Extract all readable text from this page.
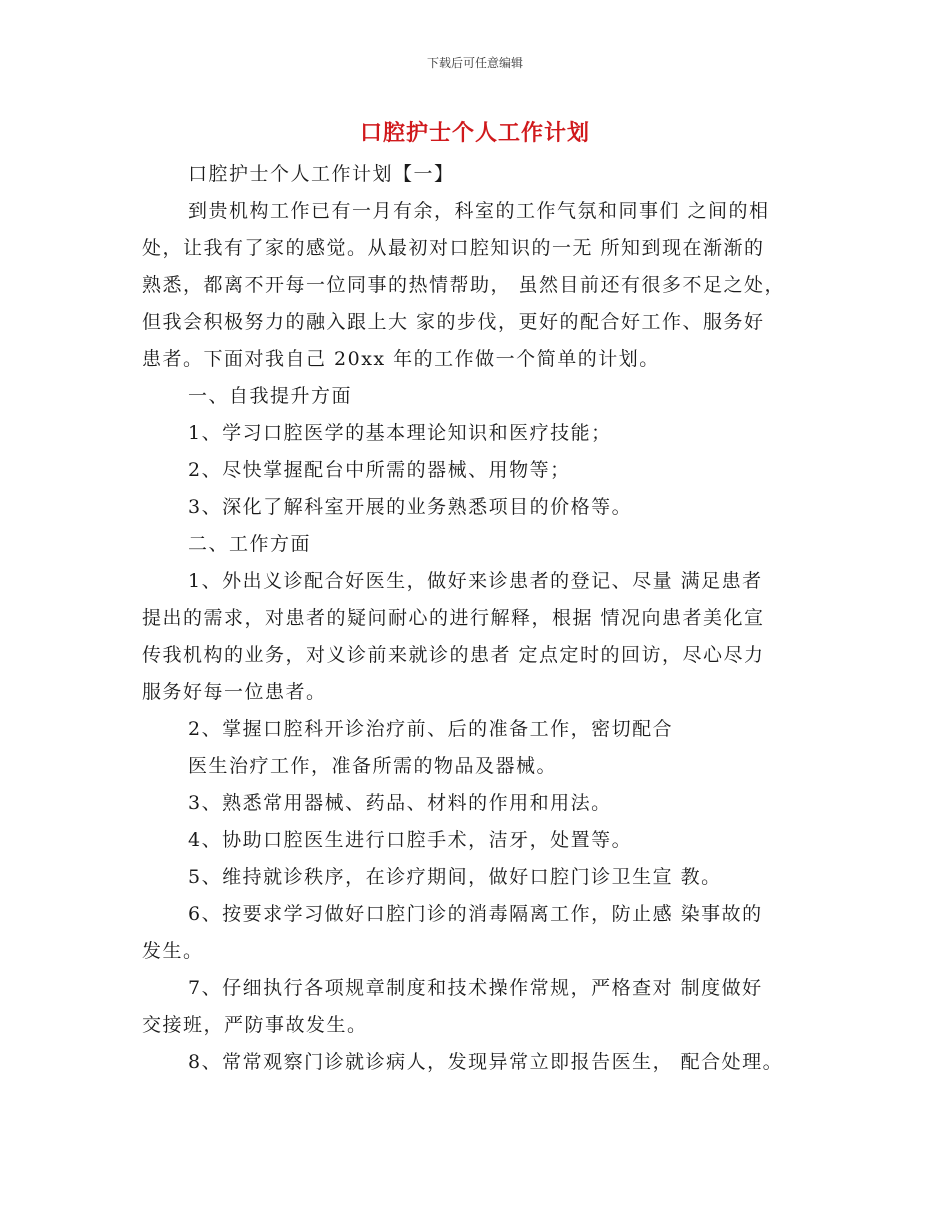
下载后可任意编辑
口腔护士个人工作计划
口腔护士个人工作计划【一】
到贵机构工作已有一月有余，科室的工作气氛和同事们 之间的相
处，让我有了家的感觉。从最初对口腔知识的一无 所知到现在渐渐的
熟悉，都离不开每一位同事的热情帮助， 虽然目前还有很多不足之处，
但我会积极努力的融入跟上大 家的步伐，更好的配合好工作、服务好
患者。下面对我自己 20xx 年的工作做一个简单的计划。
一、自我提升方面
1、学习口腔医学的基本理论知识和医疗技能；
2、尽快掌握配台中所需的器械、用物等；
3、深化了解科室开展的业务熟悉项目的价格等。
二、工作方面
1、外出义诊配合好医生，做好来诊患者的登记、尽量 满足患者
提出的需求，对患者的疑问耐心的进行解释，根据 情况向患者美化宣
传我机构的业务，对义诊前来就诊的患者 定点定时的回访，尽心尽力
服务好每一位患者。
2、掌握口腔科开诊治疗前、后的准备工作，密切配合
医生治疗工作，准备所需的物品及器械。
3、熟悉常用器械、药品、材料的作用和用法。
4、协助口腔医生进行口腔手术，洁牙，处置等。
5、维持就诊秩序，在诊疗期间，做好口腔门诊卫生宣 教。
6、按要求学习做好口腔门诊的消毒隔离工作，防止感 染事故的
发生。
7、仔细执行各项规章制度和技术操作常规，严格查对 制度做好
交接班，严防事故发生。
8、常常观察门诊就诊病人，发现异常立即报告医生， 配合处理。
